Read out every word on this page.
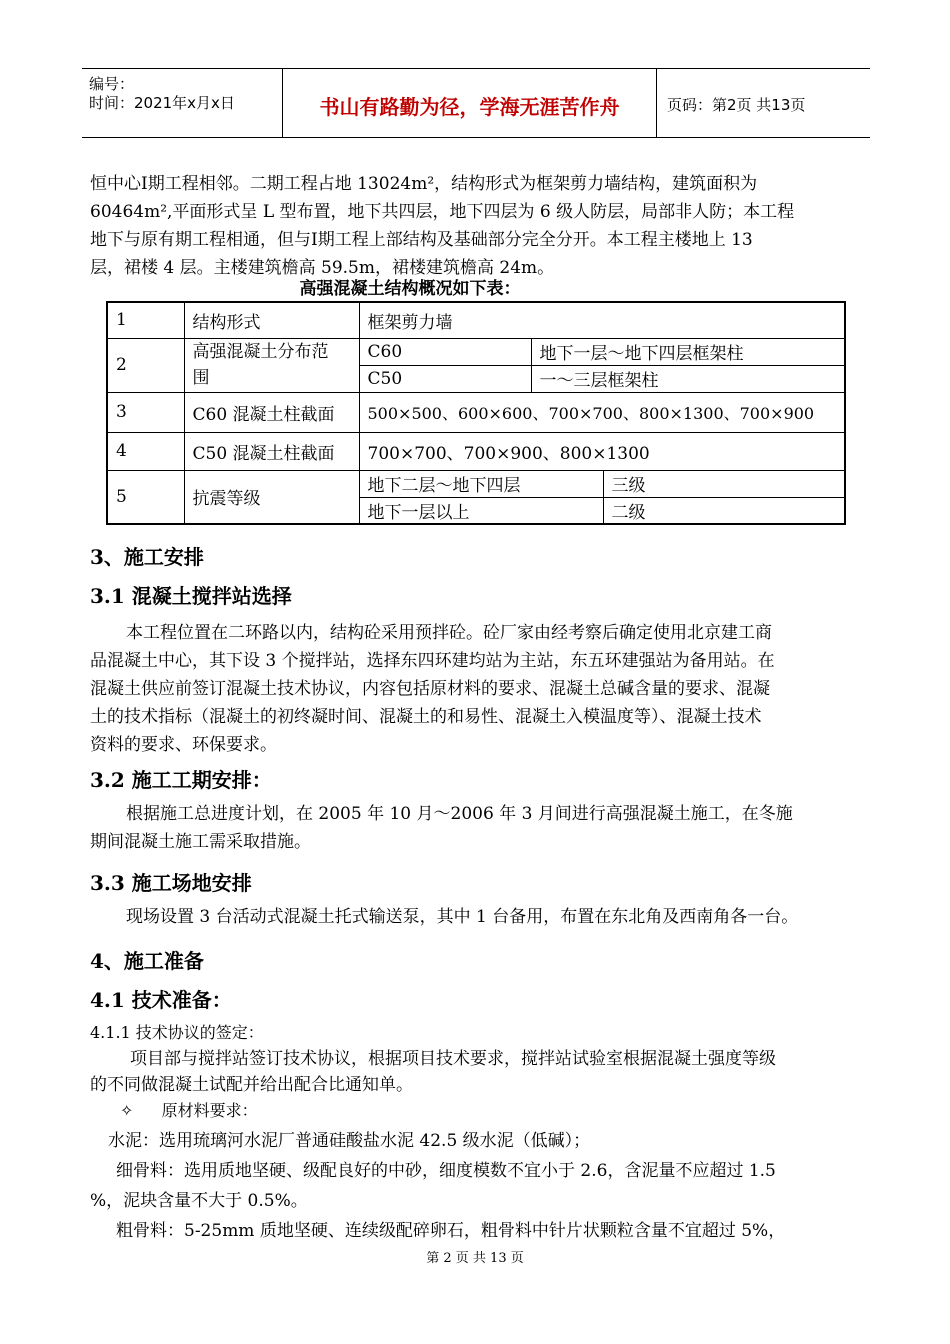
编号：
时间：2021年x月x日	书山有路勤为径，学海无涯苦作舟	页码：第2页 共13页
恒中心Ⅰ期工程相邻。二期工程占地 13024m²，结构形式为框架剪力墙结构，建筑面积为
60464m²,平面形式呈 L 型布置，地下共四层，地下四层为 6 级人防层，局部非人防；本工程
地下与原有期工程相通，但与Ⅰ期工程上部结构及基础部分完全分开。本工程主楼地上 13
层，裙楼 4 层。主楼建筑檐高 59.5m，裙楼建筑檐高 24m。
高强混凝土结构概况如下表：
1	结构形式	框架剪力墙		
2	高强混凝土分布范
围	C60	地下一层～地下四层框架柱	
		C50	一～三层框架柱	
3	C60 混凝土柱截面	500×500、600×600、700×700、800×1300、700×900		
4	C50 混凝土柱截面	700×700、700×900、800×1300		
5	抗震等级	地下二层～地下四层		三级
		地下一层以上		二级
3、施工安排
3.1 混凝土搅拌站选择
本工程位置在二环路以内，结构砼采用预拌砼。砼厂家由经考察后确定使用北京建工商
品混凝土中心，其下设 3 个搅拌站，选择东四环建均站为主站，东五环建强站为备用站。在
混凝土供应前签订混凝土技术协议，内容包括原材料的要求、混凝土总碱含量的要求、混凝
土的技术指标（混凝土的初终凝时间、混凝土的和易性、混凝土入模温度等）、混凝土技术
资料的要求、环保要求。
3.2 施工工期安排：
根据施工总进度计划，在 2005 年 10 月～2006 年 3 月间进行高强混凝土施工，在冬施
期间混凝土施工需采取措施。
3.3 施工场地安排
现场设置 3 台活动式混凝土托式输送泵，其中 1 台备用，布置在东北角及西南角各一台。
4、施工准备
4.1 技术准备：
4.1.1 技术协议的签定：
项目部与搅拌站签订技术协议，根据项目技术要求，搅拌站试验室根据混凝土强度等级
的不同做混凝土试配并给出配合比通知单。
✧ 原材料要求：
水泥：选用琉璃河水泥厂普通硅酸盐水泥 42.5 级水泥（低碱）；
细骨料：选用质地坚硬、级配良好的中砂，细度模数不宜小于 2.6，含泥量不应超过 1.5
%，泥块含量不大于 0.5%。
粗骨料：5-25mm 质地坚硬、连续级配碎卵石，粗骨料中针片状颗粒含量不宜超过 5%，
第 2 页 共 13 页
